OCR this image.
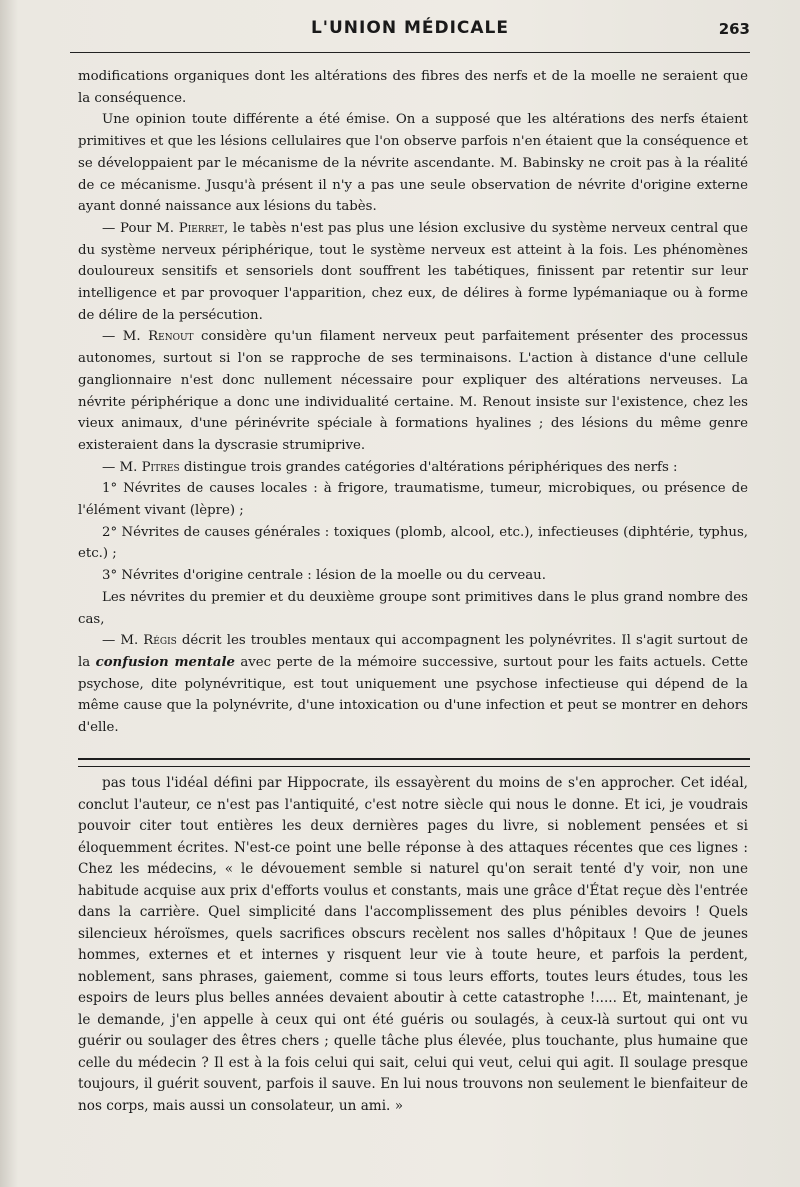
L'UNION MÉDICALE	263

modifications organiques dont les altérations des fibres des nerfs et de la moelle ne seraient que la conséquence.

Une opinion toute différente a été émise. On a supposé que les altérations des nerfs étaient primitives et que les lésions cellulaires que l'on observe parfois n'en étaient que la conséquence et se développaient par le mécanisme de la névrite ascendante. M. Babinsky ne croit pas à la réalité de ce mécanisme. Jusqu'à présent il n'y a pas une seule observation de névrite d'origine externe ayant donné naissance aux lésions du tabès.

— Pour M. Pierret, le tabès n'est pas plus une lésion exclusive du système nerveux central que du système nerveux périphérique, tout le système nerveux est atteint à la fois. Les phénomènes douloureux sensitifs et sensoriels dont souffrent les tabétiques, finissent par retentir sur leur intelligence et par provoquer l'apparition, chez eux, de délires à forme lypémaniaque ou à forme de délire de la persécution.

— M. Renout considère qu'un filament nerveux peut parfaitement présenter des processus autonomes, surtout si l'on se rapproche de ses terminaisons. L'action à distance d'une cellule ganglionnaire n'est donc nullement nécessaire pour expliquer des altérations nerveuses. La névrite périphérique a donc une individualité certaine. M. Renout insiste sur l'existence, chez les vieux animaux, d'une périnévrite spéciale à formations hyalines ; des lésions du même genre existeraient dans la dyscrasie strumiprive.

— M. Pitres distingue trois grandes catégories d'altérations périphériques des nerfs :

1° Névrites de causes locales : à frigore, traumatisme, tumeur, microbiques, ou présence de l'élément vivant (lèpre) ;

2° Névrites de causes générales : toxiques (plomb, alcool, etc.), infectieuses (diphtérie, typhus, etc.) ;

3° Névrites d'origine centrale : lésion de la moelle ou du cerveau.

Les névrites du premier et du deuxième groupe sont primitives dans le plus grand nombre des cas,

— M. Régis décrit les troubles mentaux qui accompagnent les polynévrites. Il s'agit surtout de la confusion mentale avec perte de la mémoire successive, surtout pour les faits actuels. Cette psychose, dite polynévritique, est tout uniquement une psychose infectieuse qui dépend de la même cause que la polynévrite, d'une intoxication ou d'une infection et peut se montrer en dehors d'elle.

pas tous l'idéal défini par Hippocrate, ils essayèrent du moins de s'en approcher. Cet idéal, conclut l'auteur, ce n'est pas l'antiquité, c'est notre siècle qui nous le donne. Et ici, je voudrais pouvoir citer tout entières les deux dernières pages du livre, si noblement pensées et si éloquemment écrites. N'est-ce point une belle réponse à des attaques récentes que ces lignes : Chez les médecins, « le dévouement semble si naturel qu'on serait tenté d'y voir, non une habitude acquise aux prix d'efforts voulus et constants, mais une grâce d'État reçue dès l'entrée dans la carrière. Quel simplicité dans l'accomplissement des plus pénibles devoirs ! Quels silencieux héroïsmes, quels sacrifices obscurs recèlent nos salles d'hôpitaux ! Que de jeunes hommes, externes et et internes y risquent leur vie à toute heure, et parfois la perdent, noblement, sans phrases, gaiement, comme si tous leurs efforts, toutes leurs études, tous les espoirs de leurs plus belles années devaient aboutir à cette catastrophe !..... Et, maintenant, je le demande, j'en appelle à ceux qui ont été guéris ou soulagés, à ceux-là surtout qui ont vu guérir ou soulager des êtres chers ; quelle tâche plus élevée, plus touchante, plus humaine que celle du médecin ? Il est à la fois celui qui sait, celui qui veut, celui qui agit. Il soulage presque toujours, il guérit souvent, parfois il sauve. En lui nous trouvons non seulement le bienfaiteur de nos corps, mais aussi un consolateur, un ami. »
